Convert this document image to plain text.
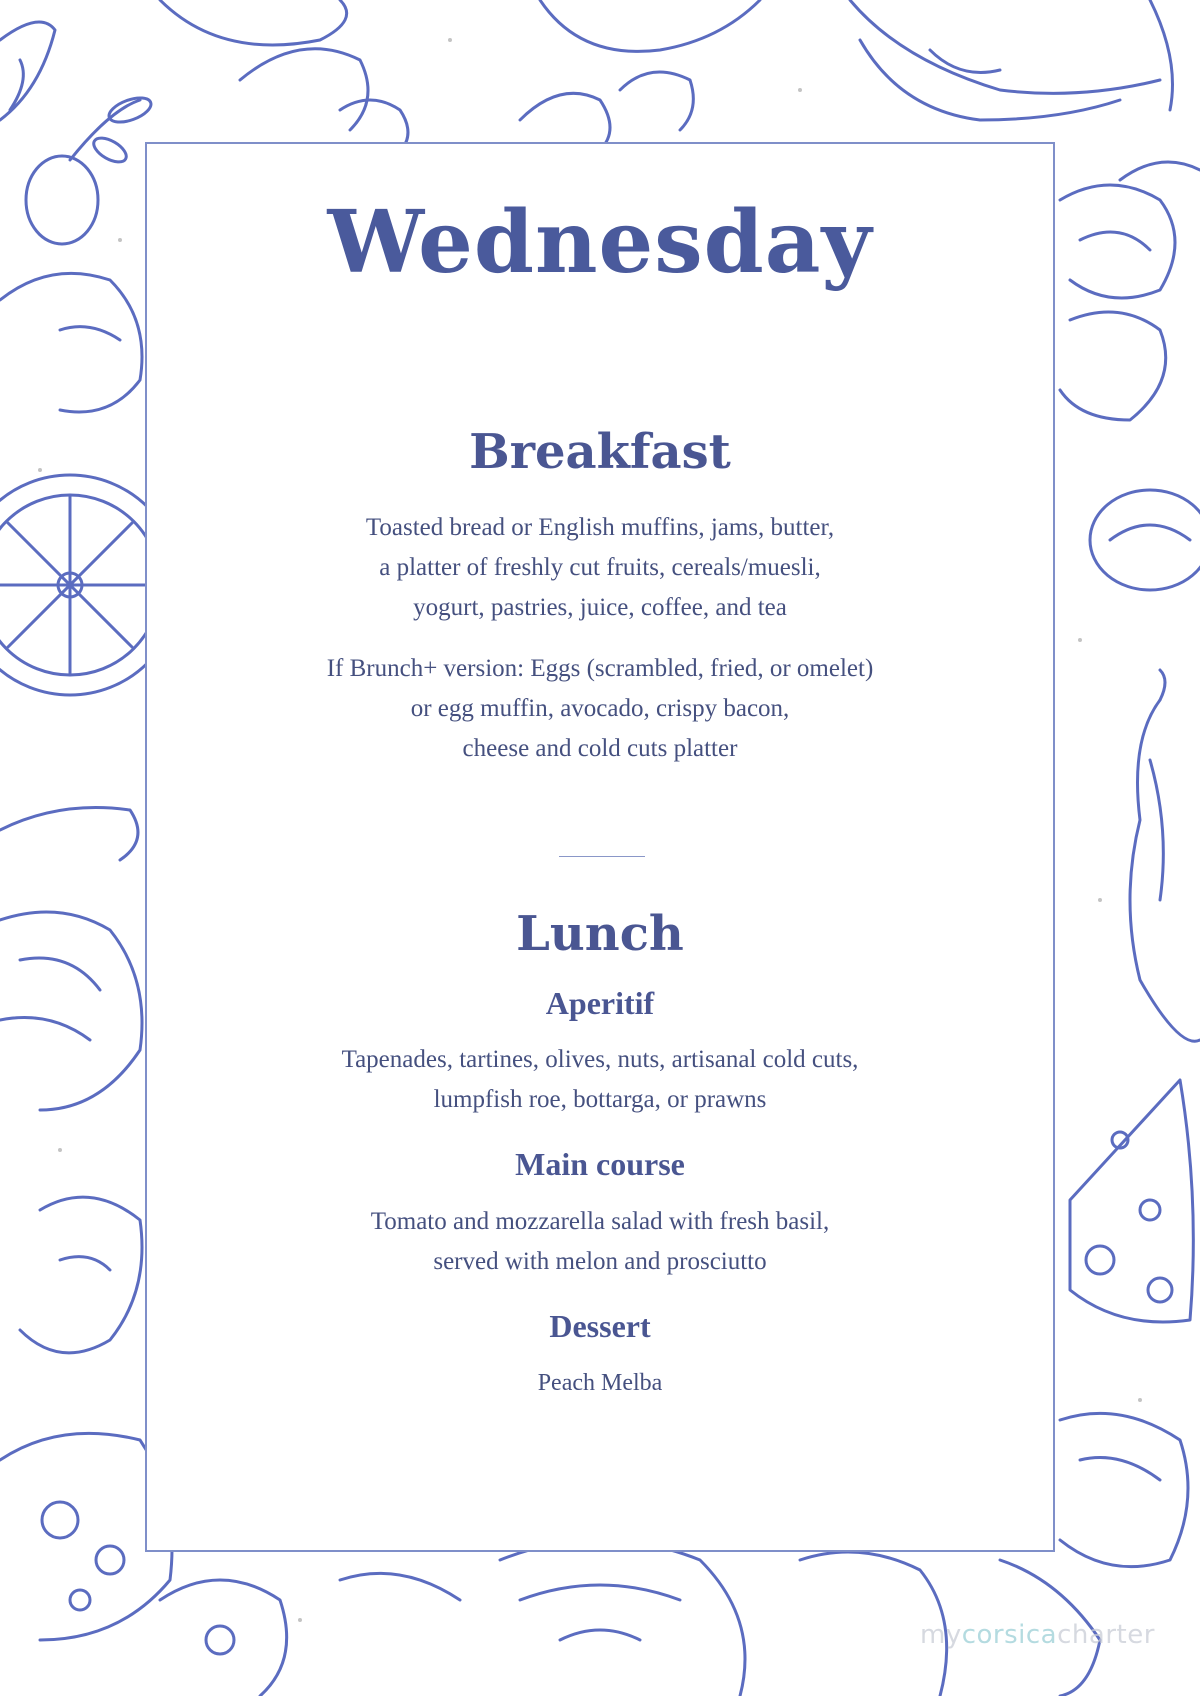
Wednesday
Breakfast

Toasted bread or English muffins, jams, butter,
a platter of freshly cut fruits, cereals/muesli,
yogurt, pastries, juice, coffee, and tea

If Brunch+ version: Eggs (scrambled, fried, or omelet)
or egg muffin, avocado, crispy bacon,
cheese and cold cuts platter

Lunch
Aperitif

Tapenades, tartines, olives, nuts, artisanal cold cuts,
lumpfish roe, bottarga, or prawns

Main course

Tomato and mozzarella salad with fresh basil,
served with melon and prosciutto

Dessert

Peach Melba

mycorsicacharter
